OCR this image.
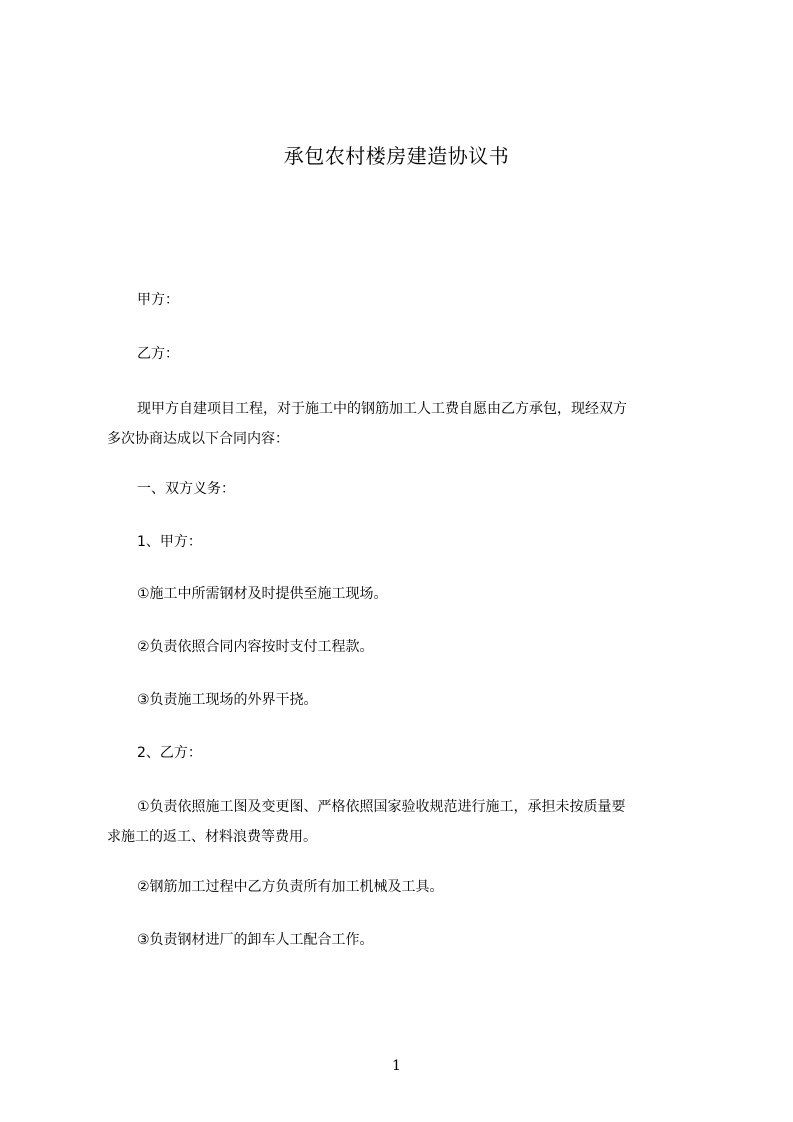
承包农村楼房建造协议书
甲方：
乙方：
现甲方自建项目工程，对于施工中的钢筋加工人工费自愿由乙方承包，现经双方
多次协商达成以下合同内容：
一、双方义务：
1、甲方：
①施工中所需钢材及时提供至施工现场。
②负责依照合同内容按时支付工程款。
③负责施工现场的外界干挠。
2、乙方：
①负责依照施工图及变更图、严格依照国家验收规范进行施工，承担未按质量要
求施工的返工、材料浪费等费用。
②钢筋加工过程中乙方负责所有加工机械及工具。
③负责钢材进厂的卸车人工配合工作。
1
